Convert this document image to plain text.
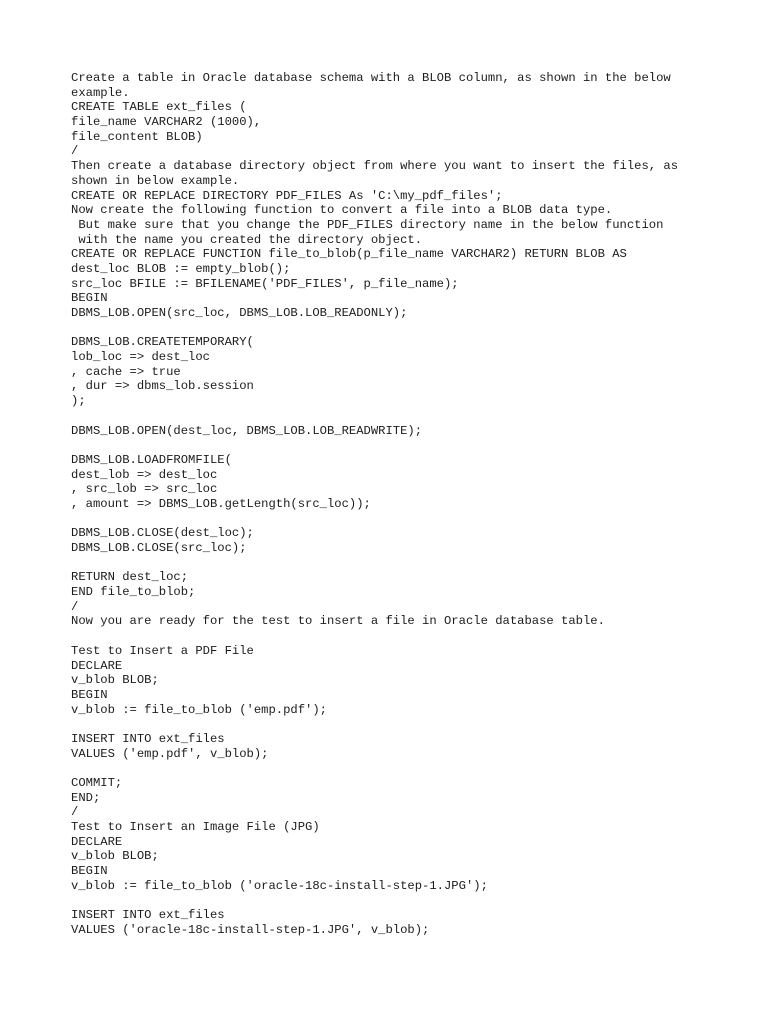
Create a table in Oracle database schema with a BLOB column, as shown in the below
example.
CREATE TABLE ext_files (
file_name VARCHAR2 (1000),
file_content BLOB)
/
Then create a database directory object from where you want to insert the files, as
shown in below example.
CREATE OR REPLACE DIRECTORY PDF_FILES As 'C:\my_pdf_files';
Now create the following function to convert a file into a BLOB data type.
But make sure that you change the PDF_FILES directory name in the below function
with the name you created the directory object.
CREATE OR REPLACE FUNCTION file_to_blob(p_file_name VARCHAR2) RETURN BLOB AS
dest_loc BLOB := empty_blob();
src_loc BFILE := BFILENAME('PDF_FILES', p_file_name);
BEGIN
DBMS_LOB.OPEN(src_loc, DBMS_LOB.LOB_READONLY);
DBMS_LOB.CREATETEMPORARY(
lob_loc => dest_loc
, cache => true
, dur => dbms_lob.session
);
DBMS_LOB.OPEN(dest_loc, DBMS_LOB.LOB_READWRITE);
DBMS_LOB.LOADFROMFILE(
dest_lob => dest_loc
, src_lob => src_loc
, amount => DBMS_LOB.getLength(src_loc));
DBMS_LOB.CLOSE(dest_loc);
DBMS_LOB.CLOSE(src_loc);
RETURN dest_loc;
END file_to_blob;
/
Now you are ready for the test to insert a file in Oracle database table.
Test to Insert a PDF File
DECLARE
v_blob BLOB;
BEGIN
v_blob := file_to_blob ('emp.pdf');
INSERT INTO ext_files
VALUES ('emp.pdf', v_blob);
COMMIT;
END;
/
Test to Insert an Image File (JPG)
DECLARE
v_blob BLOB;
BEGIN
v_blob := file_to_blob ('oracle-18c-install-step-1.JPG');
INSERT INTO ext_files
VALUES ('oracle-18c-install-step-1.JPG', v_blob);
